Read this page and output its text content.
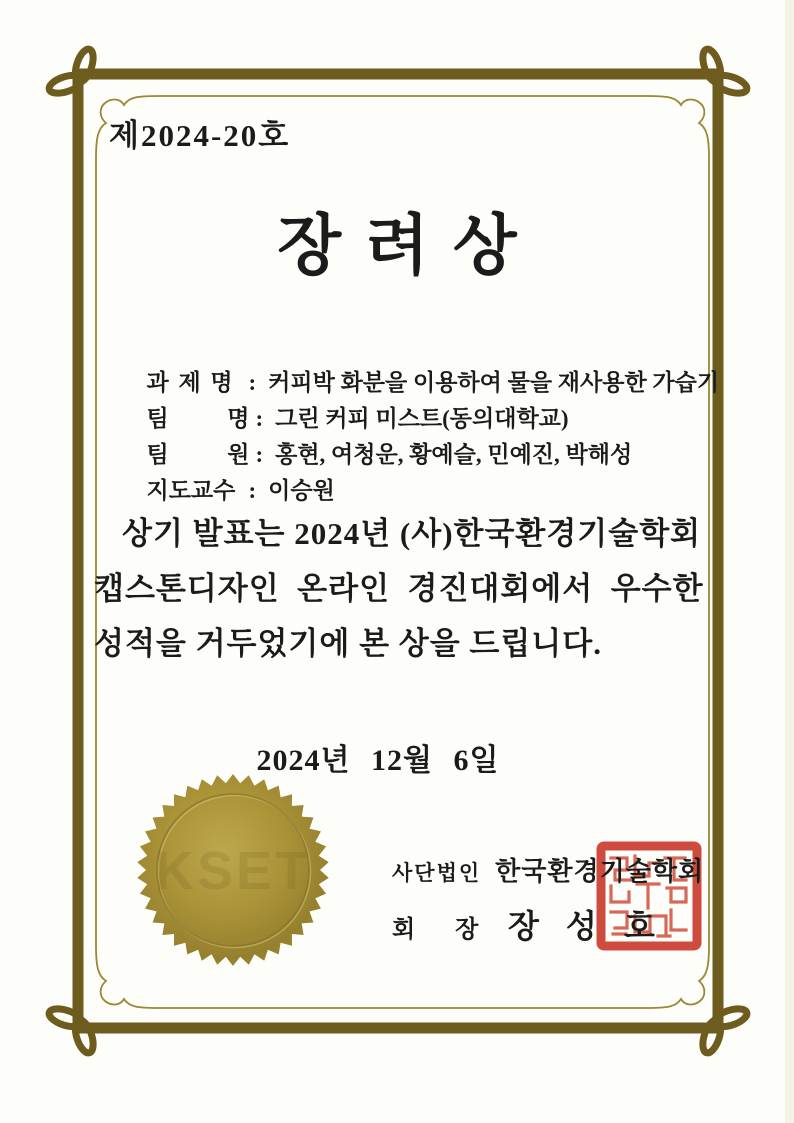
제2024-20호
장려상

과 제 명 : 커피박 화분을 이용하여 물을 재사용한 가습기

팀      명 : 그린 커피 미스트(동의대학교)

팀      원 : 홍현, 여청운, 황예슬, 민예진, 박해성

지도교수 : 이승원

상기 발표는 2024년 (사)한국환경기술학회
캡스톤디자인  온라인  경진대회에서  우수한
성적을 거두었기에 본 상을 드립니다.
2024년 12월 6일
KSET	사단법인 한국환경기술학회
회장 장성호
